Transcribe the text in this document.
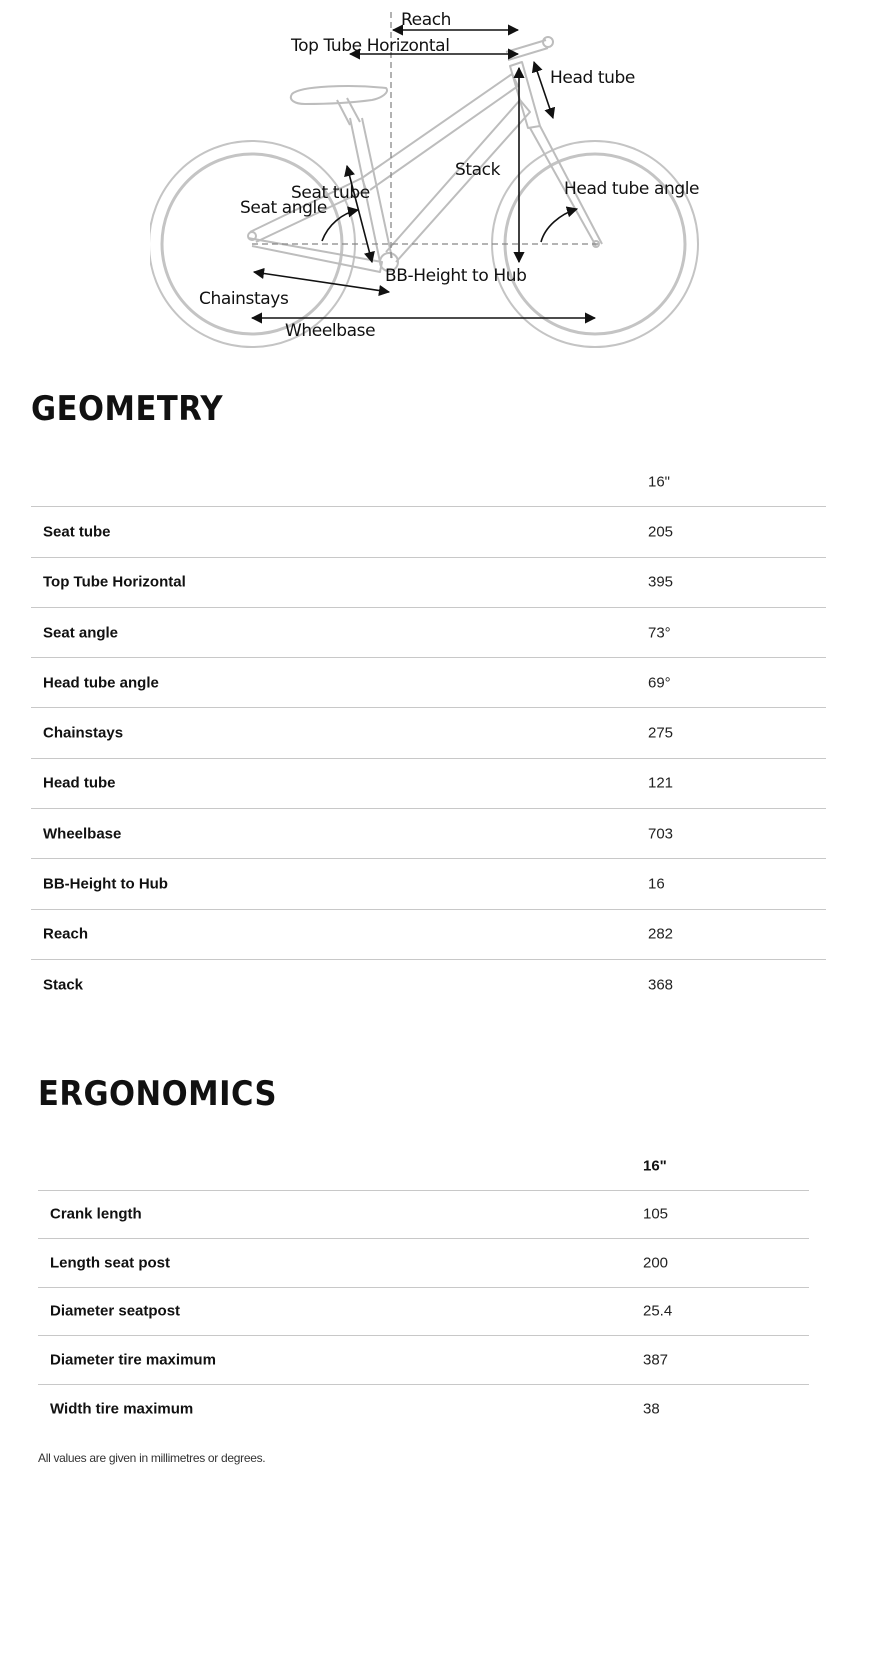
Reach
Top Tube Horizontal
Head tube
Stack
Seat tube
Seat angle
Head tube angle
BB-Height to Hub
Chainstays
Wheelbase
GEOMETRY
16"
Seat tube	205
Top Tube Horizontal	395
Seat angle	73°
Head tube angle	69°
Chainstays	275
Head tube	121
Wheelbase	703
BB-Height to Hub	16
Reach	282
Stack	368
ERGONOMICS
16"
Crank length	105
Length seat post	200
Diameter seatpost	25.4
Diameter tire maximum	387
Width tire maximum	38
All values are given in millimetres or degrees.
